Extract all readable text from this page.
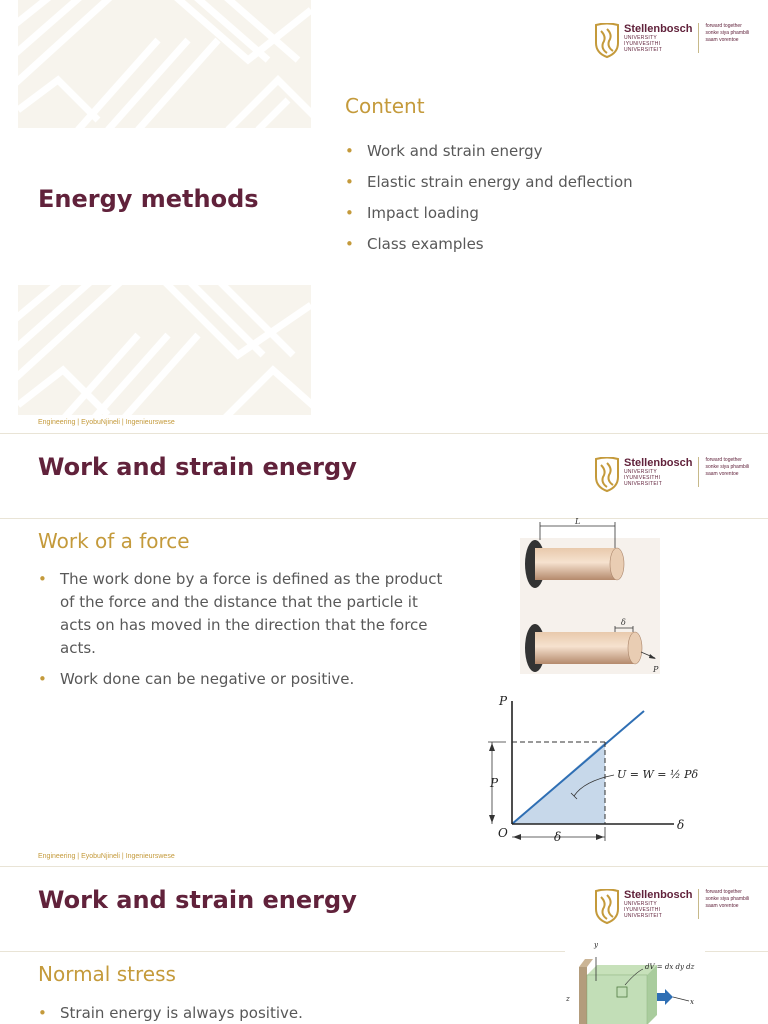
Stellenbosch
UNIVERSITY
IYUNIVESITHI
UNIVERSITEIT
forward together
sonke siya phambili
saam vorentoe
Energy methods
Content
• Work and strain energy
• Elastic strain energy and deflection
• Impact loading
• Class examples
Engineering | EyobuNjineli | Ingenieurswese
Work and strain energy	Stellenbosch
UNIVERSITY
IYUNIVESITHI
UNIVERSITEIT
forward together
sonke siya phambili
saam vorentoe
Work of a force
• The work done by a force is defined as the product of the force and the distance that the particle it acts on has moved in the direction that the force acts.
• Work done can be negative or positive.
L
δ
P
P
δ
O
P
δ
U = W = ½ Pδ
Engineering | EyobuNjineli | Ingenieurswese
Work and strain energy	Stellenbosch
UNIVERSITY
IYUNIVESITHI
UNIVERSITEIT
forward together
sonke siya phambili
saam vorentoe
Normal stress
• Strain energy is always positive.
x
y
z
dV = dx dy dz
